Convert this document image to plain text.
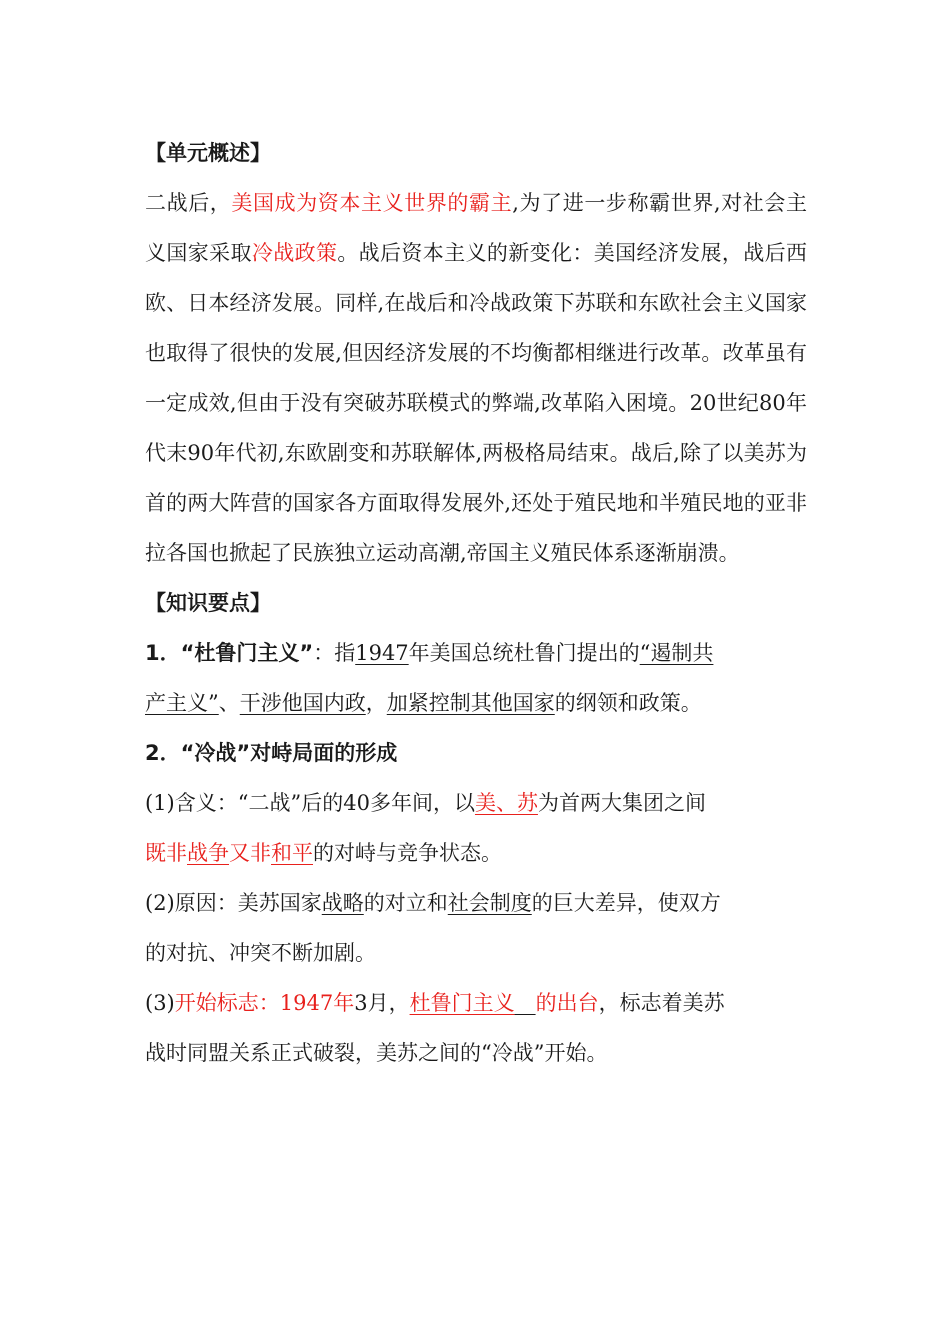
【单元概述】

二战后，美国成为资本主义世界的霸主,为了进一步称霸世界,对社会主义国家采取冷战政策。战后资本主义的新变化：美国经济发展，战后西欧、日本经济发展。同样,在战后和冷战政策下苏联和东欧社会主义国家也取得了很快的发展,但因经济发展的不均衡都相继进行改革。改革虽有一定成效,但由于没有突破苏联模式的弊端,改革陷入困境。20世纪80年代末90年代初,东欧剧变和苏联解体,两极格局结束。战后,除了以美苏为首的两大阵营的国家各方面取得发展外,还处于殖民地和半殖民地的亚非拉各国也掀起了民族独立运动高潮,帝国主义殖民体系逐渐崩溃。

【知识要点】
1．“杜鲁门主义”：指1947年美国总统杜鲁门提出的“遏制共
产主义”、干涉他国内政，加紧控制其他国家的纲领和政策。
2．“冷战”对峙局面的形成
(1)含义：“二战”后的40多年间，以美、苏为首两大集团之间
既非战争又非和平的对峙与竞争状态。
(2)原因：美苏国家战略的对立和社会制度的巨大差异，使双方
的对抗、冲突不断加剧。
(3)开始标志：1947年3月，杜鲁门主义　 的出台，标志着美苏
战时同盟关系正式破裂，美苏之间的“冷战”开始。
